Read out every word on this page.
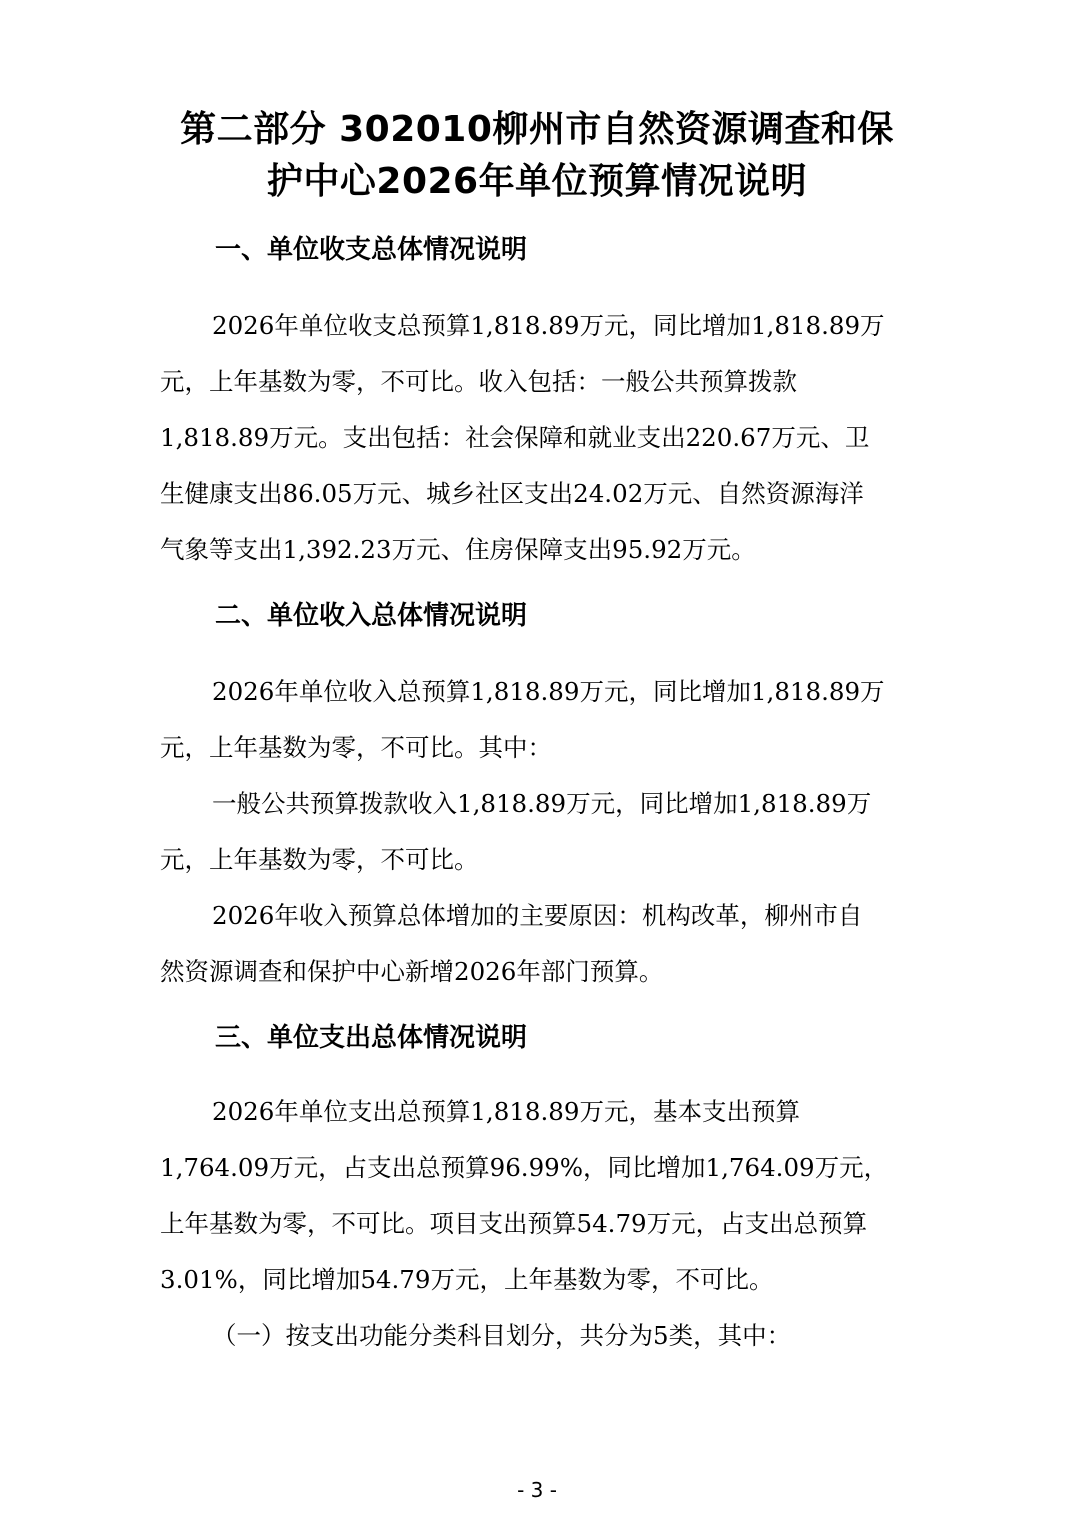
第二部分 302010柳州市自然资源调查和保
护中心2026年单位预算情况说明
一、单位收支总体情况说明
2026年单位收支总预算1,818.89万元，同比增加1,818.89万
元，上年基数为零，不可比。收入包括：一般公共预算拨款
1,818.89万元。支出包括：社会保障和就业支出220.67万元、卫
生健康支出86.05万元、城乡社区支出24.02万元、自然资源海洋
气象等支出1,392.23万元、住房保障支出95.92万元。
二、单位收入总体情况说明
2026年单位收入总预算1,818.89万元，同比增加1,818.89万
元，上年基数为零，不可比。其中：
一般公共预算拨款收入1,818.89万元，同比增加1,818.89万
元，上年基数为零，不可比。
2026年收入预算总体增加的主要原因：机构改革，柳州市自
然资源调查和保护中心新增2026年部门预算。
三、单位支出总体情况说明
2026年单位支出总预算1,818.89万元，基本支出预算
1,764.09万元，占支出总预算96.99%，同比增加1,764.09万元，
上年基数为零，不可比。项目支出预算54.79万元，占支出总预算
3.01%，同比增加54.79万元，上年基数为零，不可比。
（一）按支出功能分类科目划分，共分为5类，其中：
- 3 -
